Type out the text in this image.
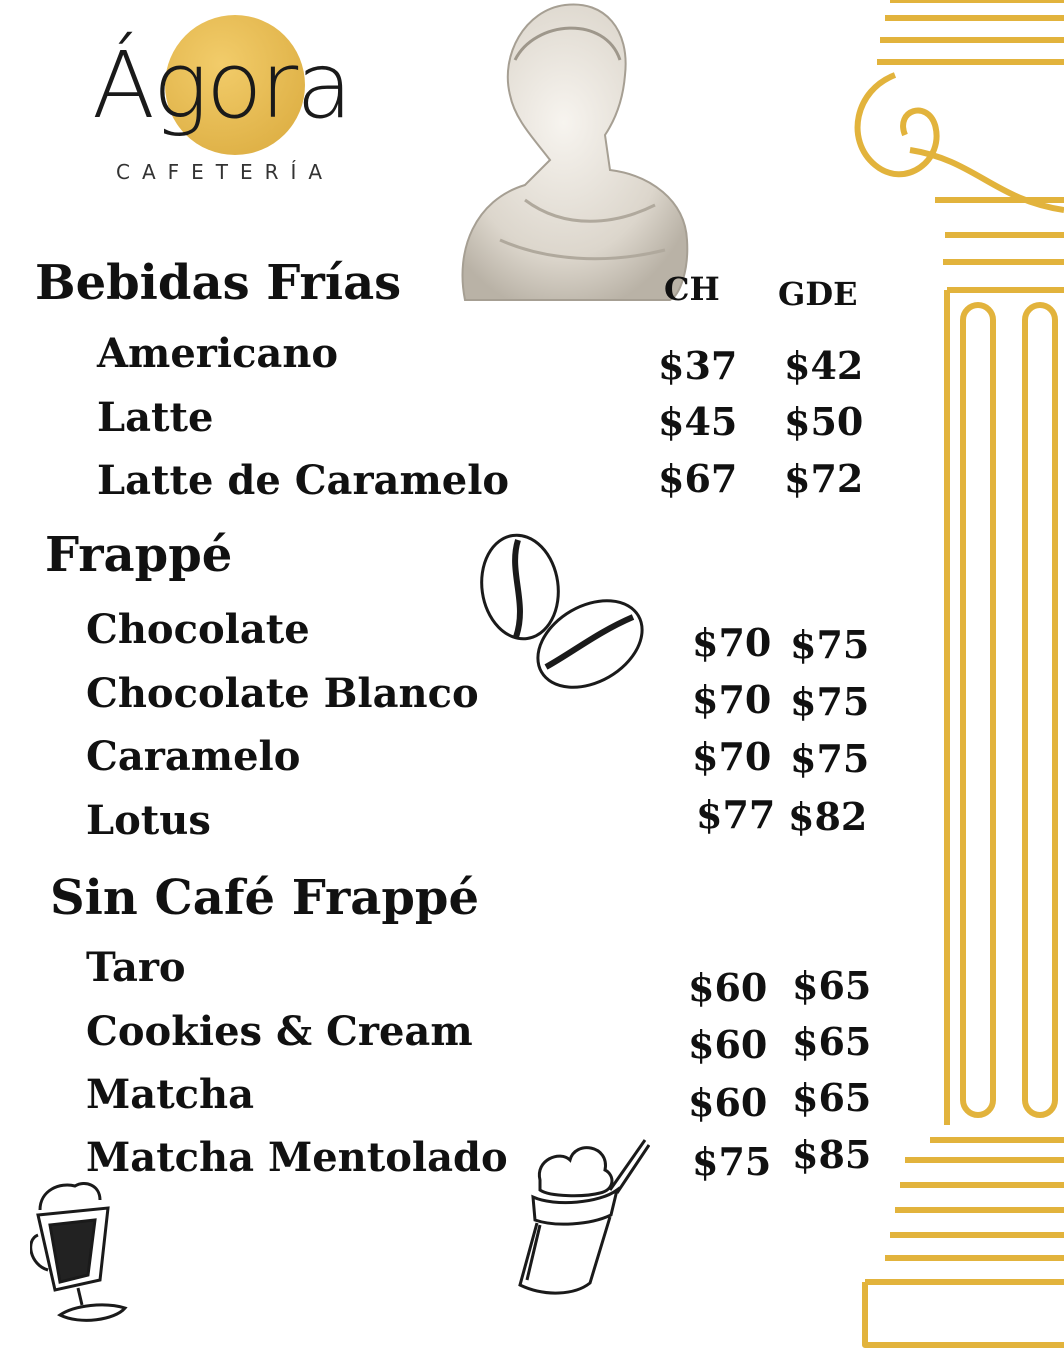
Ágora
CAFETERÍA
CH GDE
Bebidas Frías
Americano
Latte
Latte de Caramelo
$37 $42
$45 $50
$67 $72
Frappé
Chocolate
Chocolate Blanco
Caramelo
Lotus
$70 $75
$70 $75
$70 $75
$77 $82
Sin Café Frappé
Taro
Cookies & Cream
Matcha
Matcha Mentolado
$60 $65
$60 $65
$60 $65
$75 $85
